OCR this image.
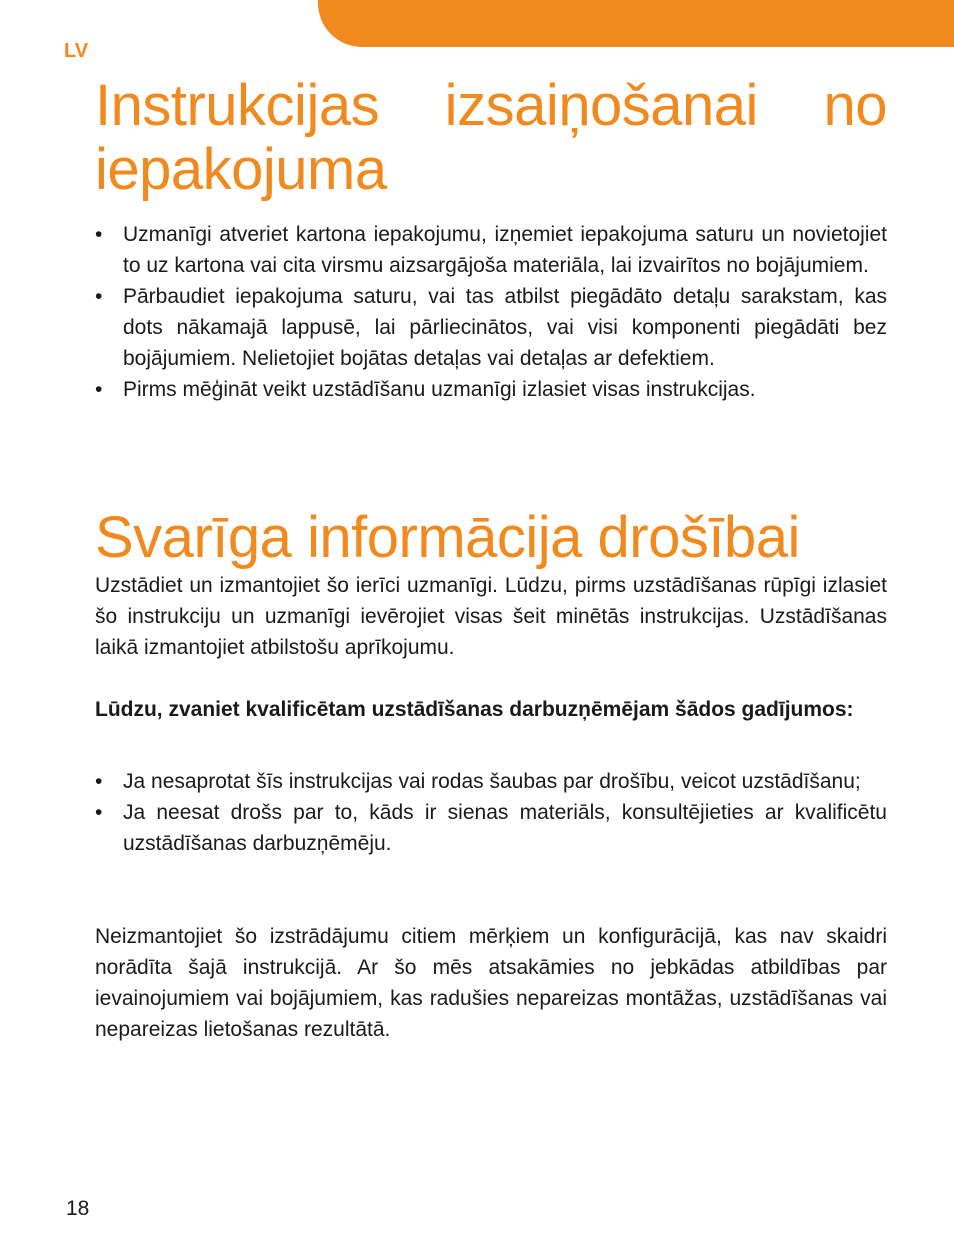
LV
Instrukcijas izsaiņošanai no iepakojuma
• Uzmanīgi atveriet kartona iepakojumu, izņemiet iepakojuma saturu un novietojiet to uz kartona vai cita virsmu aizsargājoša materiāla, lai izvairītos no bojājumiem.
• Pārbaudiet iepakojuma saturu, vai tas atbilst piegādāto detaļu sarakstam, kas dots nākamajā lappusē, lai pārliecinātos, vai visi komponenti piegādāti bez bojājumiem. Nelietojiet bojātas detaļas vai detaļas ar defektiem.
• Pirms mēģināt veikt uzstādīšanu uzmanīgi izlasiet visas instrukcijas.
Svarīga informācija drošībai

Uzstādiet un izmantojiet šo ierīci uzmanīgi. Lūdzu, pirms uzstādīšanas rūpīgi izlasiet šo instrukciju un uzmanīgi ievērojiet visas šeit minētās instrukcijas. Uzstādīšanas laikā izmantojiet atbilstošu aprīkojumu.

Lūdzu, zvaniet kvalificētam uzstādīšanas darbuzņēmējam šādos gadījumos:

• Ja nesaprotat šīs instrukcijas vai rodas šaubas par drošību, veicot uzstādīšanu;
• Ja neesat drošs par to, kāds ir sienas materiāls, konsultējieties ar kvalificētu uzstādīšanas darbuzņēmēju.

Neizmantojiet šo izstrādājumu citiem mērķiem un konfigurācijā, kas nav skaidri norādīta šajā instrukcijā. Ar šo mēs atsakāmies no jebkādas atbildības par ievainojumiem vai bojājumiem, kas radušies nepareizas montāžas, uzstādīšanas vai nepareizas lietošanas rezultātā.

18
